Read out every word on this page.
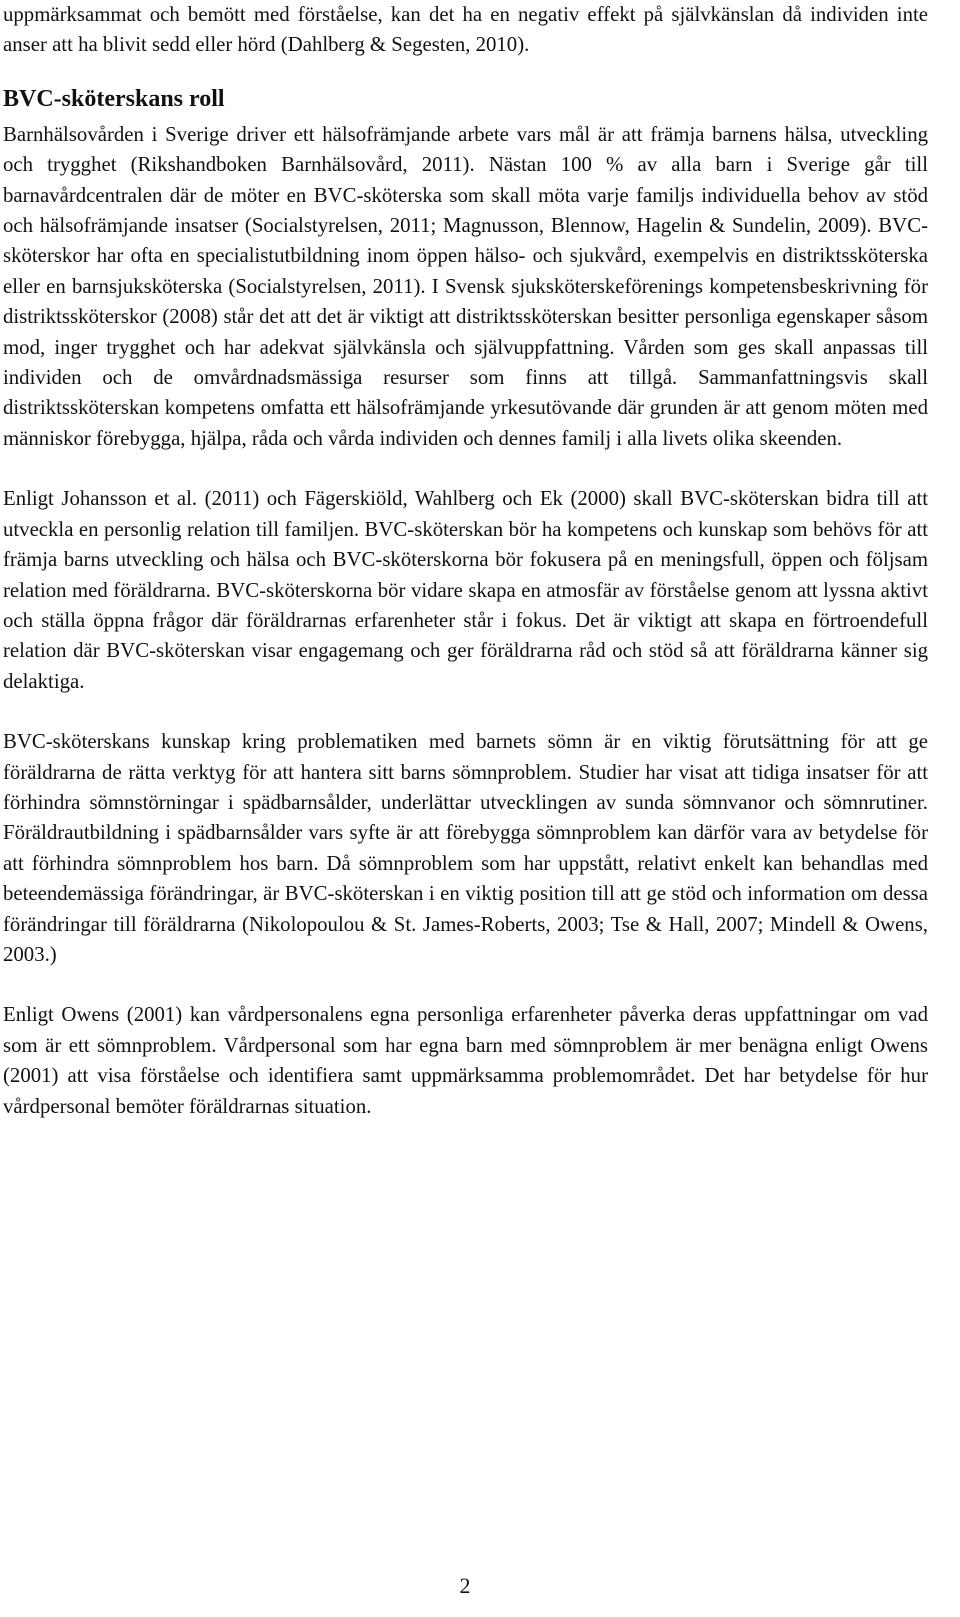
uppmärksammat och bemött med förståelse, kan det ha en negativ effekt på självkänslan då individen inte anser att ha blivit sedd eller hörd (Dahlberg & Segesten, 2010).

BVC-sköterskans roll

Barnhälsovården i Sverige driver ett hälsofrämjande arbete vars mål är att främja barnens hälsa, utveckling och trygghet (Rikshandboken Barnhälsovård, 2011). Nästan 100 % av alla barn i Sverige går till barnavårdcentralen där de möter en BVC-sköterska som skall möta varje familjs individuella behov av stöd och hälsofrämjande insatser (Socialstyrelsen, 2011; Magnusson, Blennow, Hagelin & Sundelin, 2009). BVC-sköterskor har ofta en specialistutbildning inom öppen hälso- och sjukvård, exempelvis en distriktssköterska eller en barnsjuksköterska (Socialstyrelsen, 2011). I Svensk sjuksköterskeförenings kompetensbeskrivning för distriktssköterskor (2008) står det att det är viktigt att distriktssköterskan besitter personliga egenskaper såsom mod, inger trygghet och har adekvat självkänsla och självuppfattning. Vården som ges skall anpassas till individen och de omvårdnadsmässiga resurser som finns att tillgå. Sammanfattningsvis skall distriktssköterskan kompetens omfatta ett hälsofrämjande yrkesutövande där grunden är att genom möten med människor förebygga, hjälpa, råda och vårda individen och dennes familj i alla livets olika skeenden.

Enligt Johansson et al. (2011) och Fägerskiöld, Wahlberg och Ek (2000) skall BVC-sköterskan bidra till att utveckla en personlig relation till familjen. BVC-sköterskan bör ha kompetens och kunskap som behövs för att främja barns utveckling och hälsa och BVC-sköterskorna bör fokusera på en meningsfull, öppen och följsam relation med föräldrarna. BVC-sköterskorna bör vidare skapa en atmosfär av förståelse genom att lyssna aktivt och ställa öppna frågor där föräldrarnas erfarenheter står i fokus. Det är viktigt att skapa en förtroendefull relation där BVC-sköterskan visar engagemang och ger föräldrarna råd och stöd så att föräldrarna känner sig delaktiga.

BVC-sköterskans kunskap kring problematiken med barnets sömn är en viktig förutsättning för att ge föräldrarna de rätta verktyg för att hantera sitt barns sömnproblem. Studier har visat att tidiga insatser för att förhindra sömnstörningar i spädbarnsålder, underlättar utvecklingen av sunda sömnvanor och sömnrutiner. Föräldrautbildning i spädbarnsålder vars syfte är att förebygga sömnproblem kan därför vara av betydelse för att förhindra sömnproblem hos barn. Då sömnproblem som har uppstått, relativt enkelt kan behandlas med beteendemässiga förändringar, är BVC-sköterskan i en viktig position till att ge stöd och information om dessa förändringar till föräldrarna (Nikolopoulou & St. James-Roberts, 2003; Tse & Hall, 2007; Mindell & Owens, 2003.)

Enligt Owens (2001) kan vårdpersonalens egna personliga erfarenheter påverka deras uppfattningar om vad som är ett sömnproblem. Vårdpersonal som har egna barn med sömnproblem är mer benägna enligt Owens (2001) att visa förståelse och identifiera samt uppmärksamma problemområdet. Det har betydelse för hur vårdpersonal bemöter föräldrarnas situation.

2
